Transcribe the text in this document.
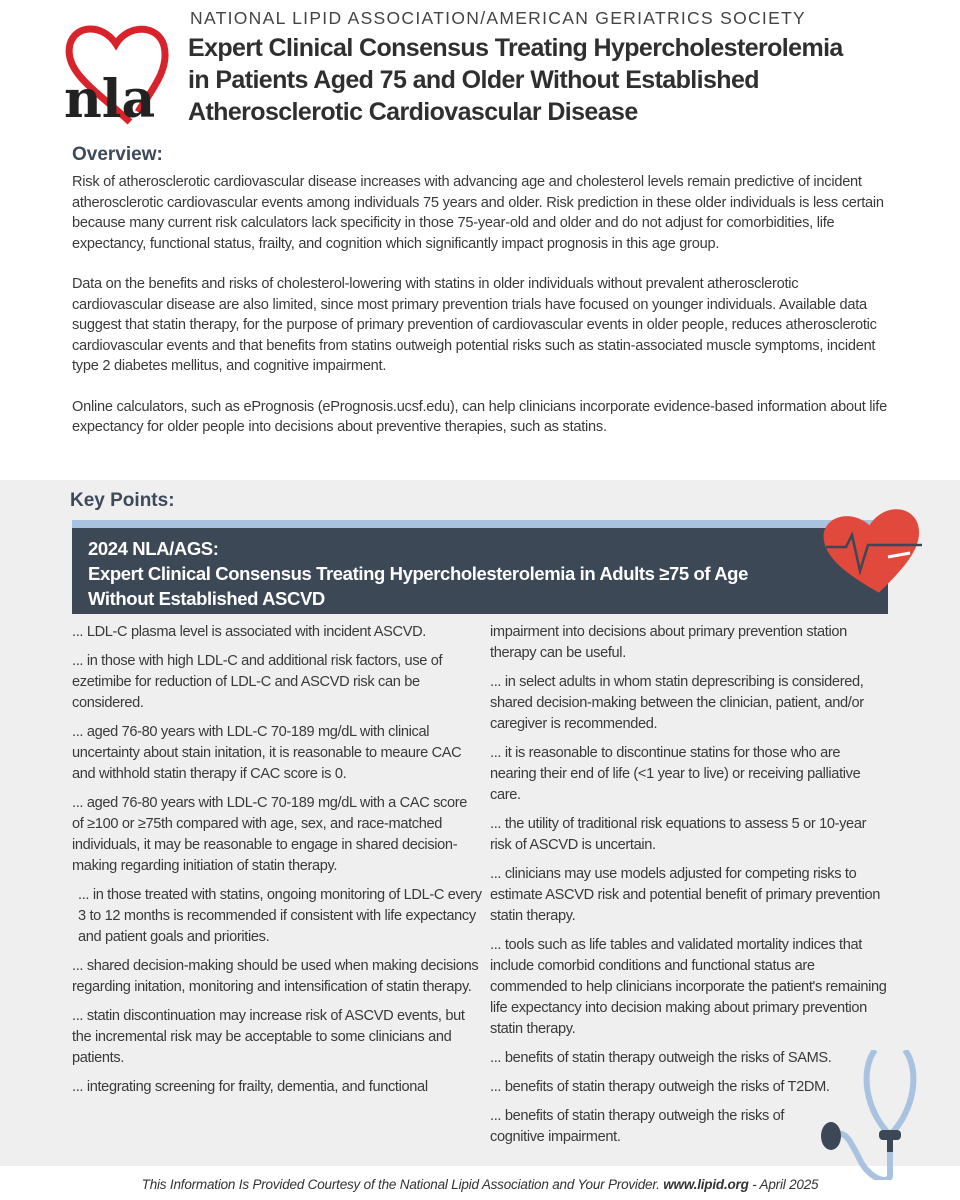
nla
NATIONAL LIPID ASSOCIATION/AMERICAN GERIATRICS SOCIETY
Expert Clinical Consensus Treating Hypercholesterolemia
in Patients Aged 75 and Older Without Established
Atherosclerotic Cardiovascular Disease
Overview:

Risk of atherosclerotic cardiovascular disease increases with advancing age and cholesterol levels remain predictive of incident atherosclerotic cardiovascular events among individuals 75 years and older. Risk prediction in these older individuals is less certain because many current risk calculators lack specificity in those 75-year-old and older and do not adjust for comorbidities, life expectancy, functional status, frailty, and cognition which significantly impact prognosis in this age group.

Data on the benefits and risks of cholesterol-lowering with statins in older individuals without prevalent atherosclerotic cardiovascular disease are also limited, since most primary prevention trials have focused on younger individuals. Available data suggest that statin therapy, for the purpose of primary prevention of cardiovascular events in older people, reduces atherosclerotic cardiovascular events and that benefits from statins outweigh potential risks such as statin-associated muscle symptoms, incident type 2 diabetes mellitus, and cognitive impairment.

Online calculators, such as ePrognosis (ePrognosis.ucsf.edu), can help clinicians incorporate evidence-based information about life expectancy for older people into decisions about preventive therapies, such as statins.

Key Points:
2024 NLA/AGS:
Expert Clinical Consensus Treating Hypercholesterolemia in Adults ≥75 of Age
Without Established ASCVD

... LDL-C plasma level is associated with incident ASCVD.

... in those with high LDL-C and additional risk factors, use of ezetimibe for reduction of LDL-C and ASCVD risk can be considered.

... aged 76-80 years with LDL-C 70-189 mg/dL with clinical uncertainty about stain initation, it is reasonable to meaure CAC and withhold statin therapy if CAC score is 0.

... aged 76-80 years with LDL-C 70-189 mg/dL with a CAC score of ≥100 or ≥75th compared with age, sex, and race-matched individuals, it may be reasonable to engage in shared decision-making regarding initiation of statin therapy.

... in those treated with statins, ongoing monitoring of LDL-C every 3 to 12 months is recommended if consistent with life expectancy and patient goals and priorities.

... shared decision-making should be used when making decisions regarding initation, monitoring and intensification of statin therapy.

... statin discontinuation may increase risk of ASCVD events, but the incremental risk may be acceptable to some clinicians and patients.

... integrating screening for frailty, dementia, and functional

impairment into decisions about primary prevention station therapy can be useful.

... in select adults in whom statin deprescribing is considered, shared decision-making between the clinician, patient, and/or caregiver is recommended.

... it is reasonable to discontinue statins for those who are nearing their end of life (<1 year to live) or receiving palliative care.

... the utility of traditional risk equations to assess 5 or 10-year risk of ASCVD is uncertain.

... clinicians may use models adjusted for competing risks to estimate ASCVD risk and potential benefit of primary prevention statin therapy.

... tools such as life tables and validated mortality indices that include comorbid conditions and functional status are commended to help clinicians incorporate the patient's remaining life expectancy into decision making about primary prevention statin therapy.

... benefits of statin therapy outweigh the risks of SAMS.

... benefits of statin therapy outweigh the risks of T2DM.

... benefits of statin therapy outweigh the risks of cognitive impairment.

This Information Is Provided Courtesy of the National Lipid Association and Your Provider. www.lipid.org - April 2025
